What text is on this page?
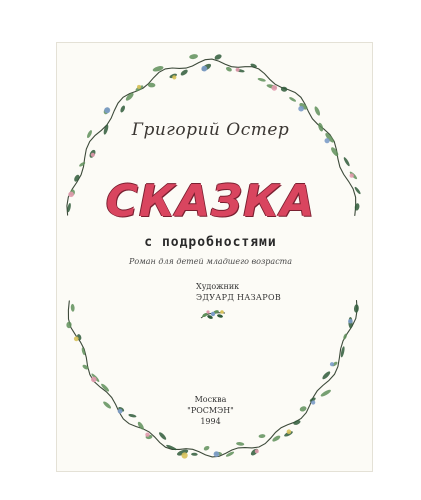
Григорий Остер
СКАЗКА
с подробностями
Роман для детей младшего возраста
Художник
ЭДУАРД НАЗАРОВ
Москва
"РОСМЭН"
1994
